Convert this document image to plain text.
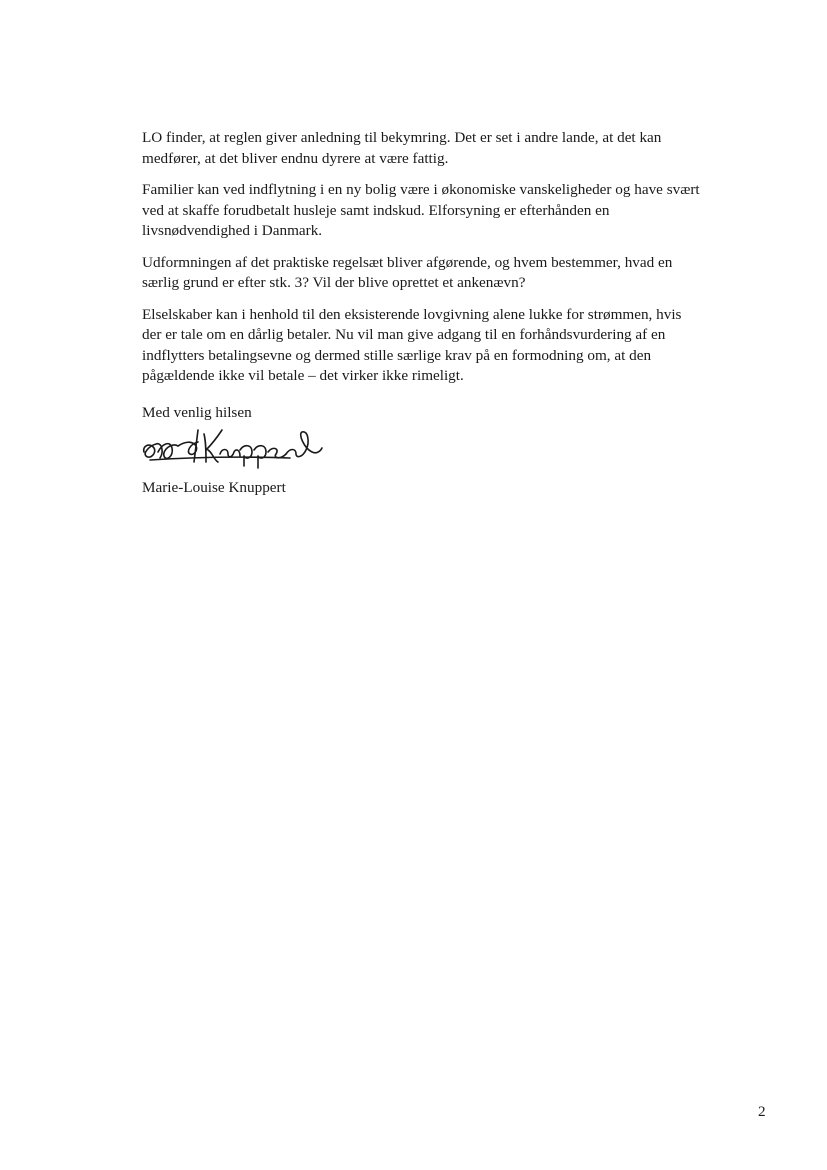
LO finder, at reglen giver anledning til bekymring. Det er set i andre lande, at det kan medfører, at det bliver endnu dyrere at være fattig.

Familier kan ved indflytning i en ny bolig være i økonomiske vanskeligheder og have svært ved at skaffe forudbetalt husleje samt indskud. Elforsyning er efterhånden en livsnødvendighed i Danmark.

Udformningen af det praktiske regelsæt bliver afgørende, og hvem bestemmer, hvad en særlig grund er efter stk. 3? Vil der blive oprettet et ankenævn?

Elselskaber kan i henhold til den eksisterende lovgivning alene lukke for strømmen, hvis der er tale om en dårlig betaler. Nu vil man give adgang til en forhåndsvurdering af en indflytters betalingsevne og dermed stille særlige krav på en formodning om, at den pågældende ikke vil betale – det virker ikke rimeligt.

Med venlig hilsen
Marie-Louise Knuppert
2
